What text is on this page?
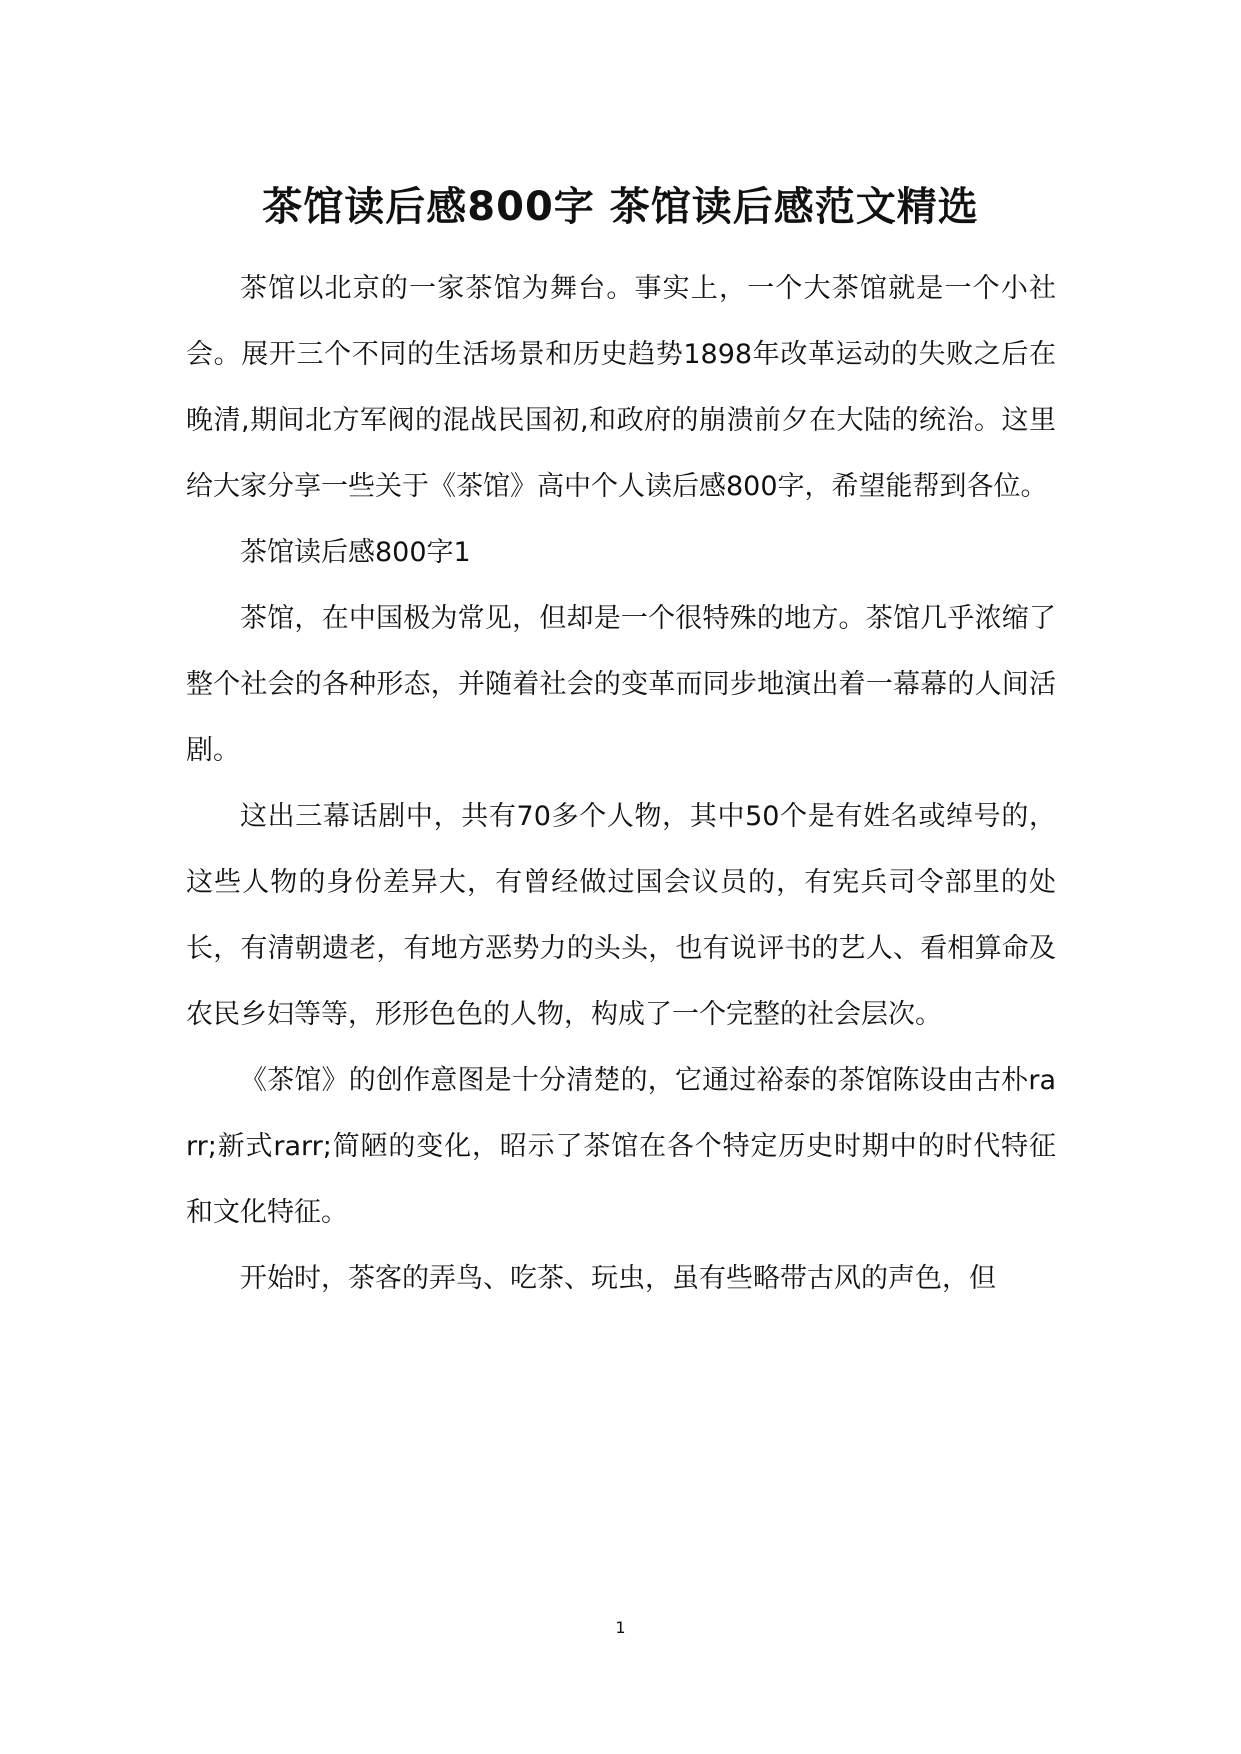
茶馆读后感800字 茶馆读后感范文精选

茶馆以北京的一家茶馆为舞台。事实上，一个大茶馆就是一个小社会。展开三个不同的生活场景和历史趋势1898年改革运动的失败之后在晚清,期间北方军阀的混战民国初,和政府的崩溃前夕在大陆的统治。这里给大家分享一些关于《茶馆》高中个人读后感800字，希望能帮到各位。

茶馆读后感800字1

茶馆，在中国极为常见，但却是一个很特殊的地方。茶馆几乎浓缩了整个社会的各种形态，并随着社会的变革而同步地演出着一幕幕的人间活剧。

这出三幕话剧中，共有70多个人物，其中50个是有姓名或绰号的，这些人物的身份差异大，有曾经做过国会议员的，有宪兵司令部里的处长，有清朝遗老，有地方恶势力的头头，也有说评书的艺人、看相算命及农民乡妇等等，形形色色的人物，构成了一个完整的社会层次。

《茶馆》的创作意图是十分清楚的，它通过裕泰的茶馆陈设由古朴rarr;新式rarr;简陋的变化，昭示了茶馆在各个特定历史时期中的时代特征和文化特征。

开始时，茶客的弄鸟、吃茶、玩虫，虽有些略带古风的声色，但

1
